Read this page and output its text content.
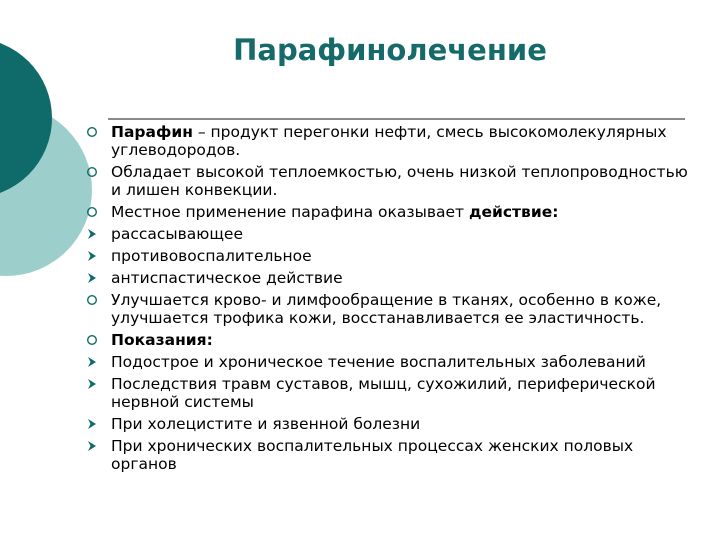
Парафинолечение
Парафин – продукт перегонки нефти, смесь высокомолекулярных углеводородов.
Обладает высокой теплоемкостью, очень низкой теплопроводностью и лишен конвекции.
Местное применение парафина оказывает действие:
рассасывающее
противовоспалительное
антиспастическое действие
Улучшается крово- и лимфообращение в тканях, особенно в коже, улучшается трофика кожи, восстанавливается ее эластичность.
Показания:
Подострое и хроническое течение воспалительных заболеваний
Последствия травм суставов, мышц, сухожилий, периферической нервной системы
При холецистите и язвенной болезни
При хронических воспалительных процессах женских половых органов
